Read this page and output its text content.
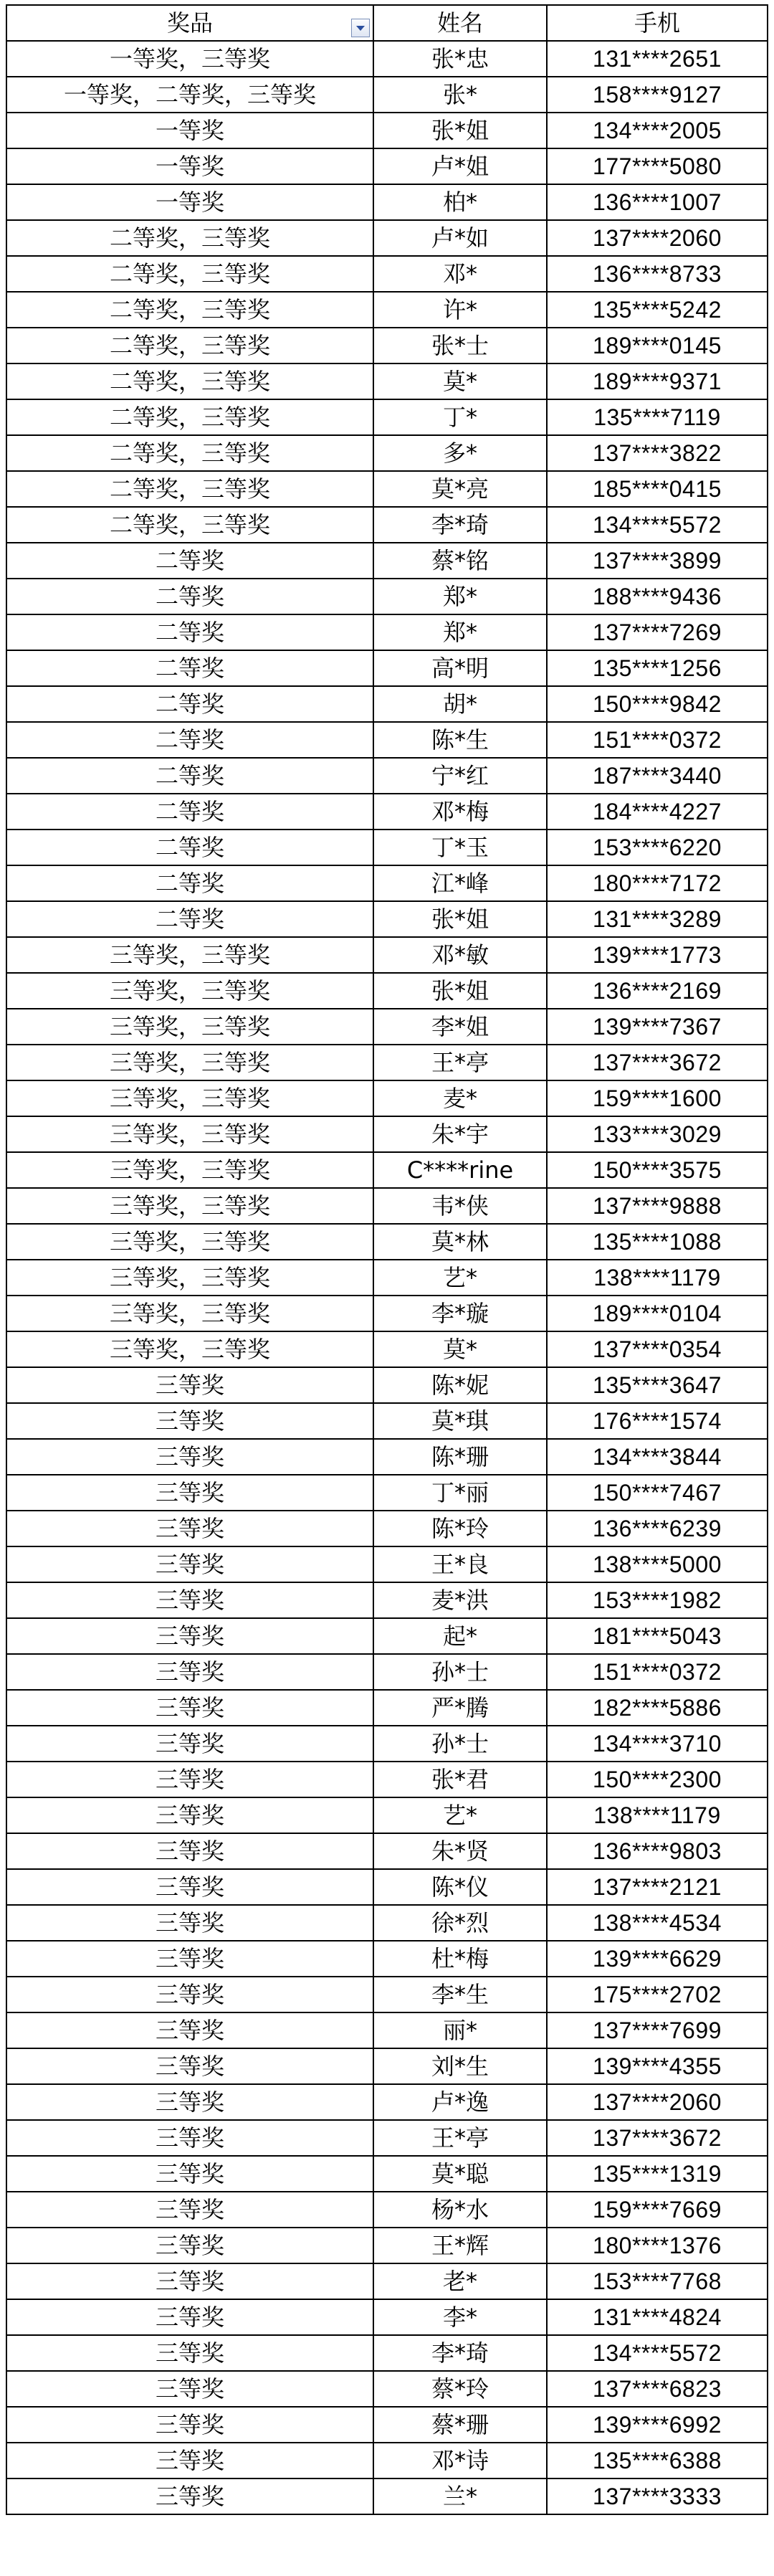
奖品	姓名	手机
一等奖，三等奖	张*忠	131****2651
一等奖，二等奖，三等奖	张*	158****9127
一等奖	张*姐	134****2005
一等奖	卢*姐	177****5080
一等奖	柏*	136****1007
二等奖，三等奖	卢*如	137****2060
二等奖，三等奖	邓*	136****8733
二等奖，三等奖	许*	135****5242
二等奖，三等奖	张*士	189****0145
二等奖，三等奖	莫*	189****9371
二等奖，三等奖	丁*	135****7119
二等奖，三等奖	多*	137****3822
二等奖，三等奖	莫*亮	185****0415
二等奖，三等奖	李*琦	134****5572
二等奖	蔡*铭	137****3899
二等奖	郑*	188****9436
二等奖	郑*	137****7269
二等奖	高*明	135****1256
二等奖	胡*	150****9842
二等奖	陈*生	151****0372
二等奖	宁*红	187****3440
二等奖	邓*梅	184****4227
二等奖	丁*玉	153****6220
二等奖	江*峰	180****7172
二等奖	张*姐	131****3289
三等奖，三等奖	邓*敏	139****1773
三等奖，三等奖	张*姐	136****2169
三等奖，三等奖	李*姐	139****7367
三等奖，三等奖	王*亭	137****3672
三等奖，三等奖	麦*	159****1600
三等奖，三等奖	朱*宇	133****3029
三等奖，三等奖	C****rine	150****3575
三等奖，三等奖	韦*侠	137****9888
三等奖，三等奖	莫*林	135****1088
三等奖，三等奖	艺*	138****1179
三等奖，三等奖	李*璇	189****0104
三等奖，三等奖	莫*	137****0354
三等奖	陈*妮	135****3647
三等奖	莫*琪	176****1574
三等奖	陈*珊	134****3844
三等奖	丁*丽	150****7467
三等奖	陈*玲	136****6239
三等奖	王*良	138****5000
三等奖	麦*洪	153****1982
三等奖	起*	181****5043
三等奖	孙*士	151****0372
三等奖	严*腾	182****5886
三等奖	孙*士	134****3710
三等奖	张*君	150****2300
三等奖	艺*	138****1179
三等奖	朱*贤	136****9803
三等奖	陈*仪	137****2121
三等奖	徐*烈	138****4534
三等奖	杜*梅	139****6629
三等奖	李*生	175****2702
三等奖	丽*	137****7699
三等奖	刘*生	139****4355
三等奖	卢*逸	137****2060
三等奖	王*亭	137****3672
三等奖	莫*聪	135****1319
三等奖	杨*水	159****7669
三等奖	王*辉	180****1376
三等奖	老*	153****7768
三等奖	李*	131****4824
三等奖	李*琦	134****5572
三等奖	蔡*玲	137****6823
三等奖	蔡*珊	139****6992
三等奖	邓*诗	135****6388
三等奖	兰*	137****3333
